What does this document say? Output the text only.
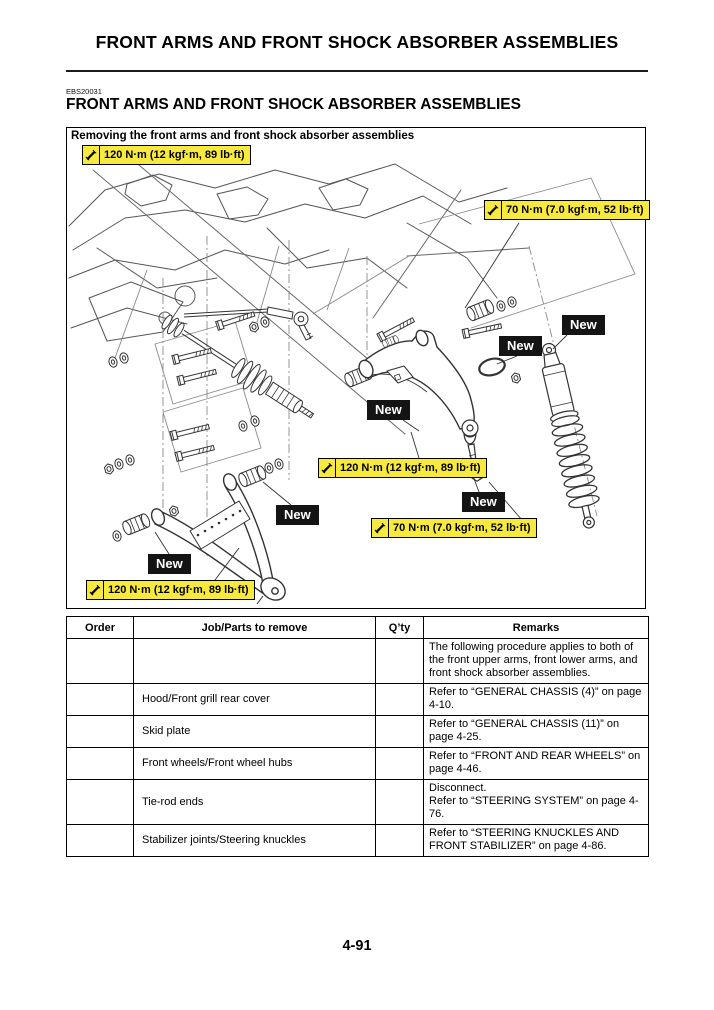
FRONT ARMS AND FRONT SHOCK ABSORBER ASSEMBLIES
EBS20031
FRONT ARMS AND FRONT SHOCK ABSORBER ASSEMBLIES
Removing the front arms and front shock absorber assemblies
120 N·m (12 kgf·m, 89 lb·ft)
70 N·m (7.0 kgf·m, 52 lb·ft)
New
New
New
120 N·m (12 kgf·m, 89 lb·ft)
New
70 N·m (7.0 kgf·m, 52 lb·ft)
New
New
120 N·m (12 kgf·m, 89 lb·ft)
Order	Job/Parts to remove	Q’ty	Remarks

			The following procedure applies to both of the front upper arms, front lower arms, and front shock absorber assemblies.

	Hood/Front grill rear cover		Refer to “GENERAL CHASSIS (4)” on page 4-10.

	Skid plate		Refer to “GENERAL CHASSIS (11)” on page 4-25.

	Front wheels/Front wheel hubs		Refer to “FRONT AND REAR WHEELS” on page 4-46.

	Tie-rod ends		Disconnect.
Refer to “STEERING SYSTEM” on page 4-76.

	Stabilizer joints/Steering knuckles		Refer to “STEERING KNUCKLES AND FRONT STABILIZER” on page 4-86.
4-91
